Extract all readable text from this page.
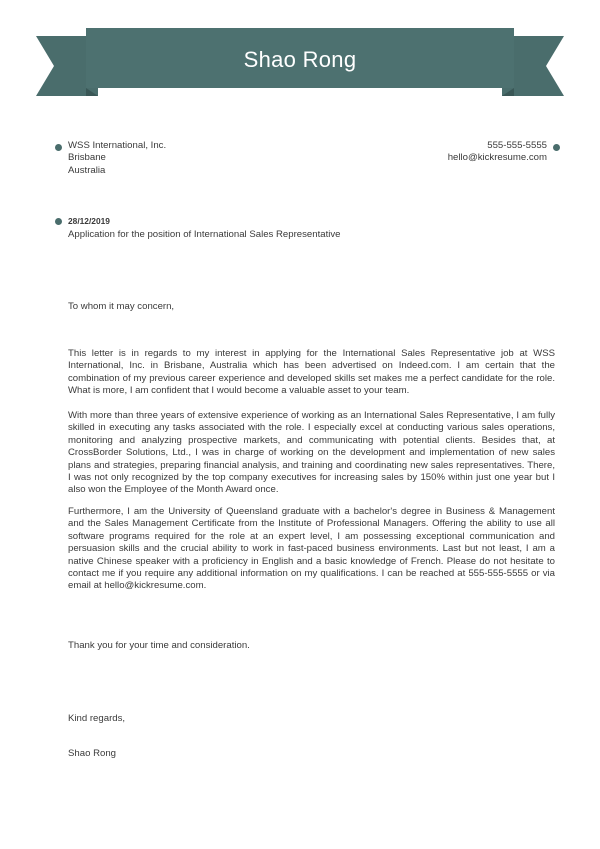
Shao Rong
WSS International, Inc.
Brisbane
Australia
555-555-5555
hello@kickresume.com
28/12/2019
Application for the position of International Sales Representative
To whom it may concern,

This letter is in regards to my interest in applying for the International Sales Representative job at WSS International, Inc. in Brisbane, Australia which has been advertised on Indeed.com. I am certain that the combination of my previous career experience and developed skills set makes me a perfect candidate for the role. What is more, I am confident that I would become a valuable asset to your team.

With more than three years of extensive experience of working as an International Sales Representative, I am fully skilled in executing any tasks associated with the role. I especially excel at conducting various sales operations, monitoring and analyzing prospective markets, and communicating with potential clients. Besides that, at CrossBorder Solutions, Ltd., I was in charge of working on the development and implementation of new sales plans and strategies, preparing financial analysis, and training and coordinating new sales representatives. There, I was not only recognized by the top company executives for increasing sales by 150% within just one year but I also won the Employee of the Month Award once.

Furthermore, I am the University of Queensland graduate with a bachelor's degree in Business & Management and the Sales Management Certificate from the Institute of Professional Managers. Offering the ability to use all software programs required for the role at an expert level, I am possessing exceptional communication and persuasion skills and the crucial ability to work in fast-paced business environments. Last but not least, I am a native Chinese speaker with a proficiency in English and a basic knowledge of French. Please do not hesitate to contact me if you require any additional information on my qualifications. I can be reached at 555-555-5555 or via email at hello@kickresume.com.

Thank you for your time and consideration.
Kind regards,
Shao Rong
